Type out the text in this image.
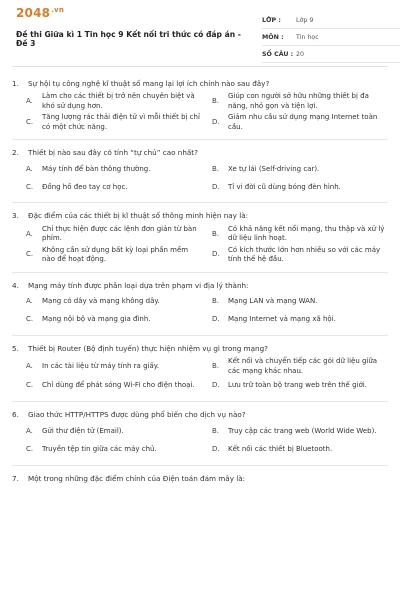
$2048^{.vn}$
Đề thi Giữa kì 1 Tin học 9 Kết nối tri thức có đáp án - Đề 3
LỚP :	Lớp 9
MÔN :	Tin học
SỐ CÂU : 20
1.	Sự hội tụ công nghệ kĩ thuật số mang lại lợi ích chính nào sau đây?
A.
Làm cho các thiết bị trở nên chuyên biệt và khó sử dụng hơn.
B.
Giúp con người sở hữu những thiết bị đa năng, nhỏ gọn và tiện lợi.
C.
Tăng lượng rác thải điện tử vì mỗi thiết bị chỉ có một chức năng.
D.
Giảm nhu cầu sử dụng mạng Internet toàn cầu.
2.	Thiết bị nào sau đây có tính “tự chủ” cao nhất?
A.	Máy tính để bàn thông thường.	B.	Xe tự lái (Self-driving car).
C.	Đồng hồ đeo tay cơ học.	D.	Tỉ vi đời cũ dùng bóng đèn hình.
3.	Đặc điểm của các thiết bị kĩ thuật số thông minh hiện nay là:
A.
Chỉ thực hiện được các lệnh đơn giản từ bàn phím.
B.
Có khả năng kết nối mạng, thu thập và xử lý dữ liệu linh hoạt.
C.
Không cần sử dụng bất kỳ loại phần mềm nào để hoạt động.
D.
Có kích thước lớn hơn nhiều so với các máy tính thế hệ đầu.
4.	Mạng máy tính được phân loại dựa trên phạm vi địa lý thành:
A.	Mạng có dây và mạng không dây.	B.	Mạng LAN và mạng WAN.
C.	Mạng nội bộ và mạng gia đình.	D.	Mạng Internet và mạng xã hội.
5.	Thiết bị Router (Bộ định tuyến) thực hiện nhiệm vụ gì trong mạng?
A.	In các tài liệu từ máy tính ra giấy.	B.
Kết nối và chuyển tiếp các gói dữ liệu giữa các mạng khác nhau.
C.	Chỉ dùng để phát sóng Wi-Fi cho điện thoại.	D.	Lưu trữ toàn bộ trang web trên thế giới.
6.	Giao thức HTTP/HTTPS được dùng phổ biến cho dịch vụ nào?
A.	Gửi thư điện tử (Email).	B.	Truy cập các trang web (World Wide Web).
C.	Truyền tệp tin giữa các máy chủ.	D.	Kết nối các thiết bị Bluetooth.
7.	Một trong những đặc điểm chính của Điện toán đám mây là:
